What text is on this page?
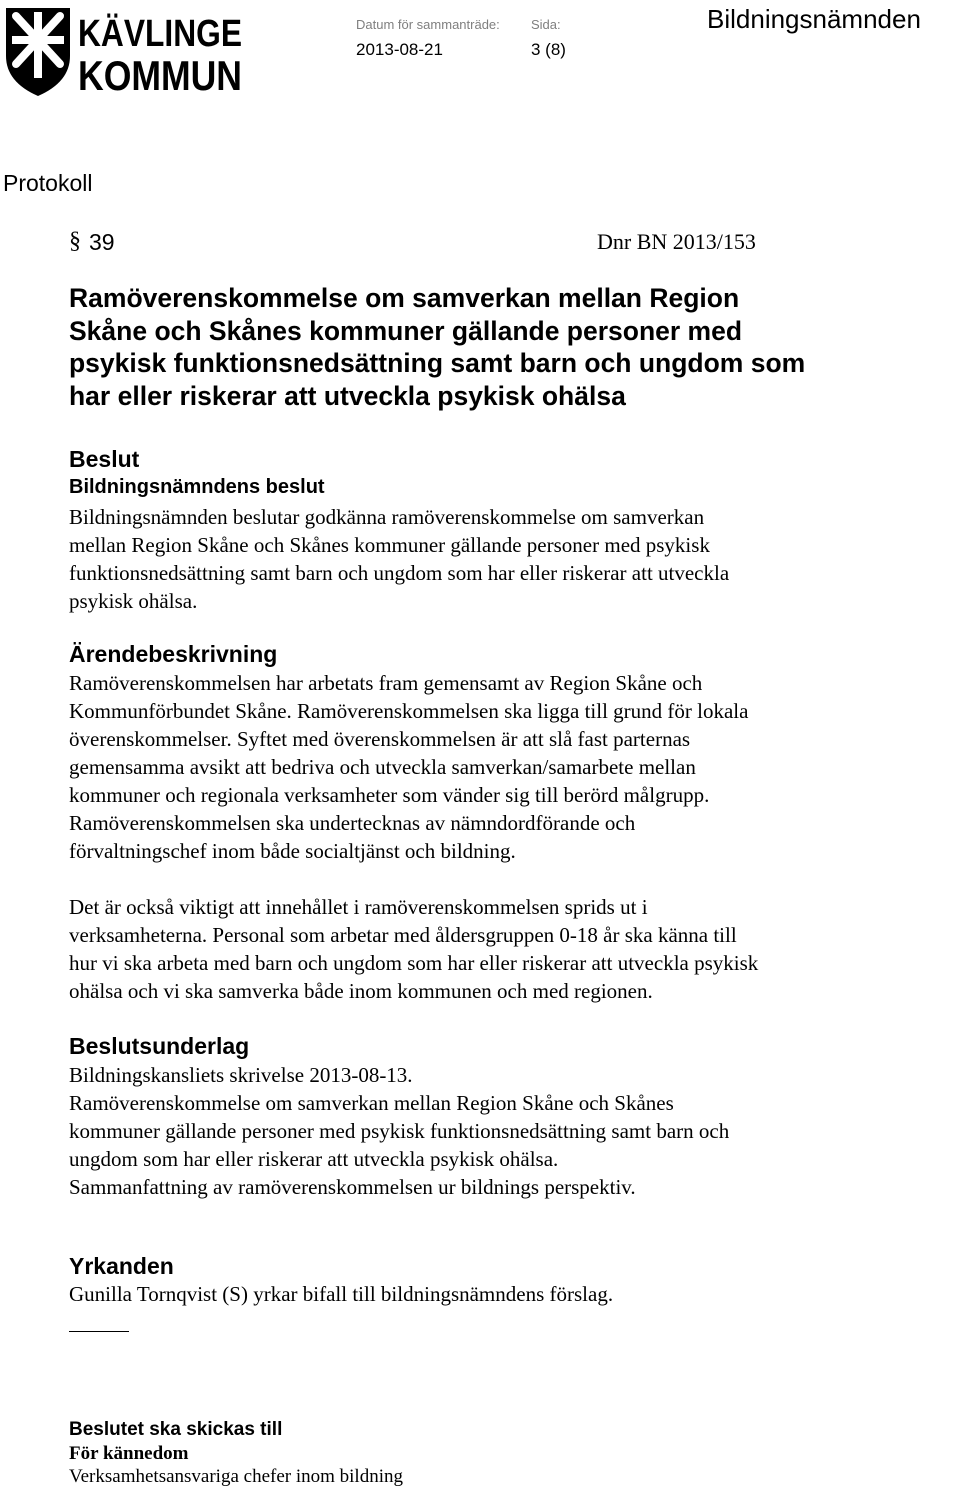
KÄVLINGE
KOMMUN
Datum för sammanträde:
2013-08-21
Sida:
3 (8)
Bildningsnämnden
Protokoll
§ 39	Dnr BN 2013/153
Ramöverenskommelse om samverkan mellan Region
Skåne och Skånes kommuner gällande personer med
psykisk funktionsnedsättning samt barn och ungdom som
har eller riskerar att utveckla psykisk ohälsa
Beslut
Bildningsnämndens beslut
Bildningsnämnden beslutar godkänna ramöverenskommelse om samverkan
mellan Region Skåne och Skånes kommuner gällande personer med psykisk
funktionsnedsättning samt barn och ungdom som har eller riskerar att utveckla
psykisk ohälsa.
Ärendebeskrivning
Ramöverenskommelsen har arbetats fram gemensamt av Region Skåne och
Kommunförbundet Skåne. Ramöverenskommelsen ska ligga till grund för lokala
överenskommelser. Syftet med överenskommelsen är att slå fast parternas
gemensamma avsikt att bedriva och utveckla samverkan/samarbete mellan
kommuner och regionala verksamheter som vänder sig till berörd målgrupp.
Ramöverenskommelsen ska undertecknas av nämndordförande och
förvaltningschef inom både socialtjänst och bildning.
Det är också viktigt att innehållet i ramöverenskommelsen sprids ut i
verksamheterna. Personal som arbetar med åldersgruppen 0-18 år ska känna till
hur vi ska arbeta med barn och ungdom som har eller riskerar att utveckla psykisk
ohälsa och vi ska samverka både inom kommunen och med regionen.
Beslutsunderlag
Bildningskansliets skrivelse 2013-08-13.
Ramöverenskommelse om samverkan mellan Region Skåne och Skånes
kommuner gällande personer med psykisk funktionsnedsättning samt barn och
ungdom som har eller riskerar att utveckla psykisk ohälsa.
Sammanfattning av ramöverenskommelsen ur bildnings perspektiv.
Yrkanden
Gunilla Tornqvist (S) yrkar bifall till bildningsnämndens förslag.
Beslutet ska skickas till
För kännedom
Verksamhetsansvariga chefer inom bildning
